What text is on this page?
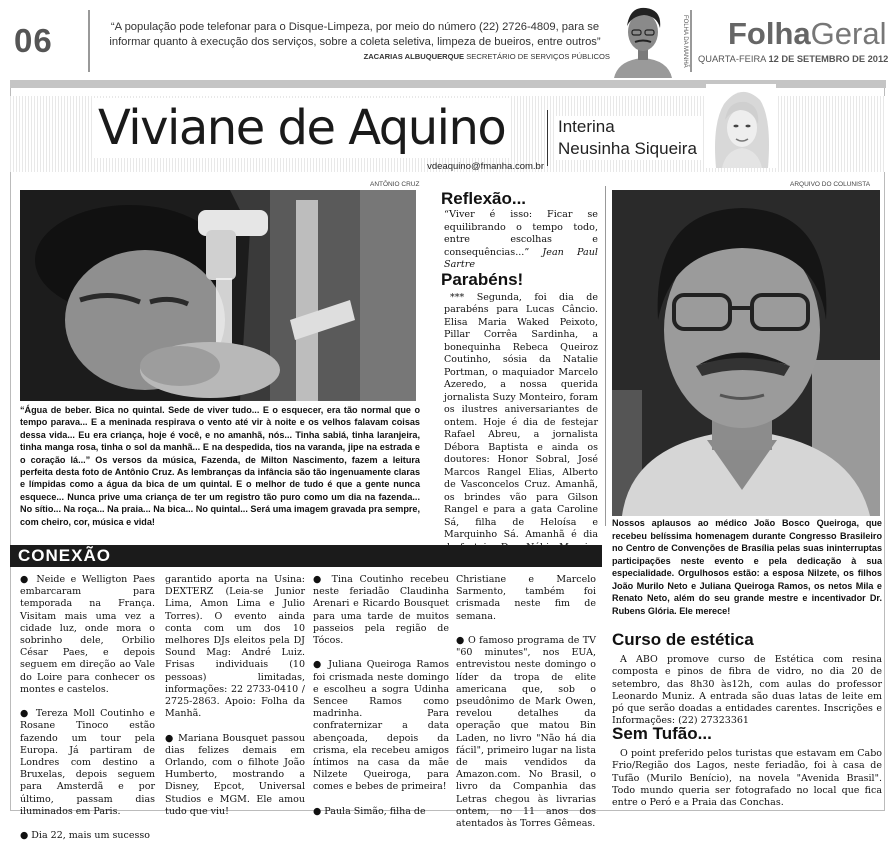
06	“A população pode telefonar para o Disque-Limpeza, por meio do número (22) 2726-4809, para se informar quanto à execução dos serviços, sobre a coleta seletiva, limpeza de bueiros, entre outros”
ZACARIAS ALBUQUERQUE SECRETÁRIO DE SERVIÇOS PÚBLICOS	FOLHA DA MANHÃ FolhaGeral
QUARTA-FEIRA 12 DE SETEMBRO DE 2012
Viviane de Aquino
vdeaquino@fmanha.com.br
Interina
Neusinha Siqueira
ANTÔNIO CRUZ
“Água de beber. Bica no quintal. Sede de viver tudo... E o esquecer, era tão normal que o tempo parava... E a meninada respirava o vento até vir à noite e os velhos falavam coisas dessa vida... Eu era criança, hoje é você, e no amanhã, nós... Tinha sabiá, tinha laranjeira, tinha manga rosa, tinha o sol da manhã... E na despedida, tios na varanda, jipe na estrada e o coração lá...” Os versos da música, Fazenda, de Milton Nascimento, fazem a leitura perfeita desta foto de Antônio Cruz. As lembranças da infância são tão ingenuamente claras e límpidas como a água da bica de um quintal. E o melhor de tudo é que a gente nunca esquece... Nunca prive uma criança de ter um registro tão puro como um dia na fazenda... No sítio... Na roça... Na praia... Na bica... No quintal... Será uma imagem gravada pra sempre, com cheiro, cor, música e vida!
Reflexão...
“Viver é isso: Ficar se equilibrando o tempo todo, entre escolhas e consequências...” Jean Paul Sartre
Parabéns!
*** Segunda, foi dia de parabéns para Lucas Câncio. Elisa Maria Waked Peixoto, Pillar Corrêa Sardinha, a bonequinha Rebeca Queiroz Coutinho, sósia da Natalie Portman, o maquiador Marcelo Azeredo, a nossa querida jornalista Suzy Monteiro, foram os ilustres aniversariantes de ontem. Hoje é dia de festejar Rafael Abreu, a jornalista Débora Baptista e ainda os doutores: Honor Sobral, José Marcos Rangel Elias, Alberto de Vasconcelos Cruz. Amanhã, os brindes vão para Gilson Rangel e para a gata Caroline Sá, filha de Heloísa e Marquinho Sá. Amanhã é dia
ARQUIVO DO COLUNISTA
Nossos aplausos ao médico João Bosco Queiroga, que recebeu belíssima homenagem durante Congresso Brasileiro no Centro de Convenções de Brasília pelas suas ininterruptas participações neste evento e pela dedicação à sua especialidade. Orgulhosos estão: a esposa Nilzete, os filhos João Murilo Neto e Juliana Queiroga Ramos, os netos Mila e Renato Neto, além do seu grande mestre e incentivador Dr. Rubens Glória. Ele merece!
CONEXÃO

● Neide e Welligton Paes embarcaram para temporada na França. Visitam mais uma vez a cidade luz, onde mora o sobrinho dele, Orbilio César Paes, e depois seguem em direção ao Vale do Loire para conhecer os montes e castelos.

● Tereza Moll Coutinho e Rosane Tinoco estão fazendo um tour pela Europa. Já partiram de Londres com destino a Bruxelas, depois seguem para Amsterdã e por último, passam dias iluminados em Paris.

● Dia 22, mais um sucesso

garantido aporta na Usina: DEXTERZ (Leia-se Junior Lima, Amon Lima e Julio Torres). O evento ainda conta com um dos 10 melhores DJs eleitos pela DJ Sound Mag: André Luiz. Frisas individuais (10 pessoas) limitadas, informações: 22 2733-0410 / 2725-2863. Apoio: Folha da Manhã.

● Mariana Bousquet passou dias felizes demais em Orlando, com o filhote João Humberto, mostrando a Disney, Epcot, Universal Studios e MGM. Ele amou tudo que viu!

● Tina Coutinho recebeu neste feriadão Claudinha Arenari e Ricardo Bousquet para uma tarde de muitos passeios pela região de Tócos.

● Juliana Queiroga Ramos foi crismada neste domingo e escolheu a sogra Udinha Sencee Ramos como madrinha. Para confraternizar a data abençoada, depois da crisma, ela recebeu amigos íntimos na casa da mãe Nilzete Queiroga, para comes e bebes de primeira!

● Paula Simão, filha de

Christiane e Marcelo Sarmento, também foi crismada neste fim de semana.

● O famoso programa de TV "60 minutes", nos EUA, entrevistou neste domingo o líder da tropa de elite americana que, sob o pseudônimo de Mark Owen, revelou detalhes da operação que matou Bin Laden, no livro "Não há dia fácil", primeiro lugar na lista de mais vendidos da Amazon.com. No Brasil, o livro da Companhia das Letras chegou às livrarias ontem, no 11 anos dos atentados às Torres Gêmeas.

Curso de estética
A ABO promove curso de Estética com resina composta e pinos de fibra de vidro, no dia 20 de setembro, das 8h30 às12h, com aulas do professor Leonardo Muniz. A entrada são duas latas de leite em pó que serão doadas a entidades carentes. Inscrições e Informações: (22) 27323361
Sem Tufão...
O point preferido pelos turistas que estavam em Cabo Frio/Região dos Lagos, neste feriadão, foi à casa de Tufão (Murilo Benício), na novela "Avenida Brasil". Todo mundo queria ser fotografado no local que fica entre o Peró e a Praia das Conchas.
